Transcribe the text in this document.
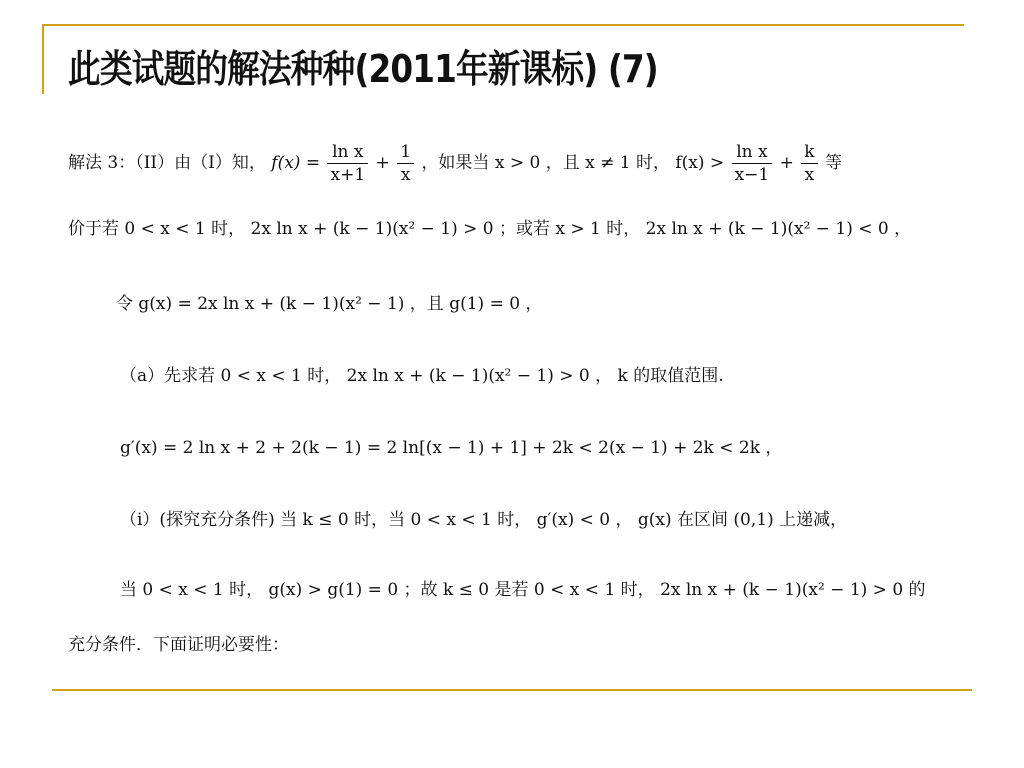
此类试题的解法种种(2011年新课标) (7)
解法 3：（II）由（I）知， $f(x) = \frac{\text{ln x}}{x+1} + \frac{1}{x}$ ，如果当 x > 0 ，且 x ≠ 1 时， $f(x) > \frac{\text{ln x}}{x-1} + \frac{k}{x}$ 等
价于若 0 < x < 1 时， 2x ln x + (k − 1)(x² − 1) > 0 ；或若 x > 1 时， 2x ln x + (k − 1)(x² − 1) < 0 ，
令 g(x) = 2x ln x + (k − 1)(x² − 1) ，且 g(1) = 0 ，
（a）先求若 0 < x < 1 时， 2x ln x + (k − 1)(x² − 1) > 0 ， k 的取值范围.
g′(x) = 2 ln x + 2 + 2(k − 1) = 2 ln[(x − 1) + 1] + 2k < 2(x − 1) + 2k < 2k ，
（i）(探究充分条件) 当 k ≤ 0 时，当 0 < x < 1 时， g′(x) < 0 ， g(x) 在区间 (0,1) 上递减，
当 0 < x < 1 时， g(x) > g(1) = 0 ；故 k ≤ 0 是若 0 < x < 1 时， 2x ln x + (k − 1)(x² − 1) > 0 的
充分条件．下面证明必要性：
